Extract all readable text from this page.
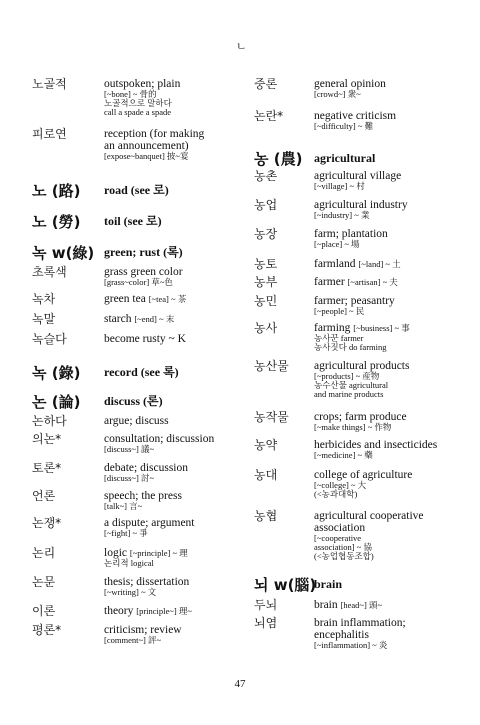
ㄴ
노골적	outspoken; plain
[~bone] ~ 骨的
노골적으로 말하다
call a spade a spade
피로연	reception (for making
an announcement)
[expose~banquet] 披~宴
노 (路) road (see 로)
노 (勞) toil (see 로)
녹 w(綠) green; rust (록)
초록색	grass green color
[grass~color] 草~色
녹차	green tea [~tea] ~ 茶
녹말	starch [~end] ~ 末
녹슬다	become rusty ~ K
녹 (錄) record (see 록)
논 (論) discuss (론)
논하다	argue; discuss
의논*	consultation; discussion
[discuss~] 議~
토론*	debate; discussion
[discuss~] 討~
언론	speech; the press
[talk~] 言~
논쟁*	a dispute; argument
[~fight] ~ 爭
논리	logic [~principle] ~ 理
논리적 logical
논문	thesis; dissertation
[~writing] ~ 文
이론	theory [principle~] 理~
평론*	criticism; review
[comment~] 評~
중론	general opinion
[crowd~] 衆~
논란*	negative criticism
[~difficulty] ~ 難
농 (農) agricultural
농촌	agricultural village
[~village] ~ 村
농업	agricultural industry
[~industry] ~ 業
농장	farm; plantation
[~place] ~ 場
농토	farmland [~land] ~ 土
농부	farmer [~artisan] ~ 夫
농민	farmer; peasantry
[~people] ~ 民
농사	farming [~business] ~ 事
농사꾼 farmer
농사짓다 do farming
농산물 agricultural products
[~products] ~ 産物
농수산물 agricultural
and marine products
농작물 crops; farm produce
[~make things] ~ 作物
농약	herbicides and insecticides
[~medicine] ~ 藥
농대	college of agriculture
[~college] ~ 大
(<농과대학)
농협	agricultural cooperative
association
[~cooperative
association] ~ 協
(<농업협동조합)
뇌 w(腦)
brain
두뇌	brain [head~] 頭~
뇌염	brain inflammation;
encephalitis
[~inflammation] ~ 炎
47
